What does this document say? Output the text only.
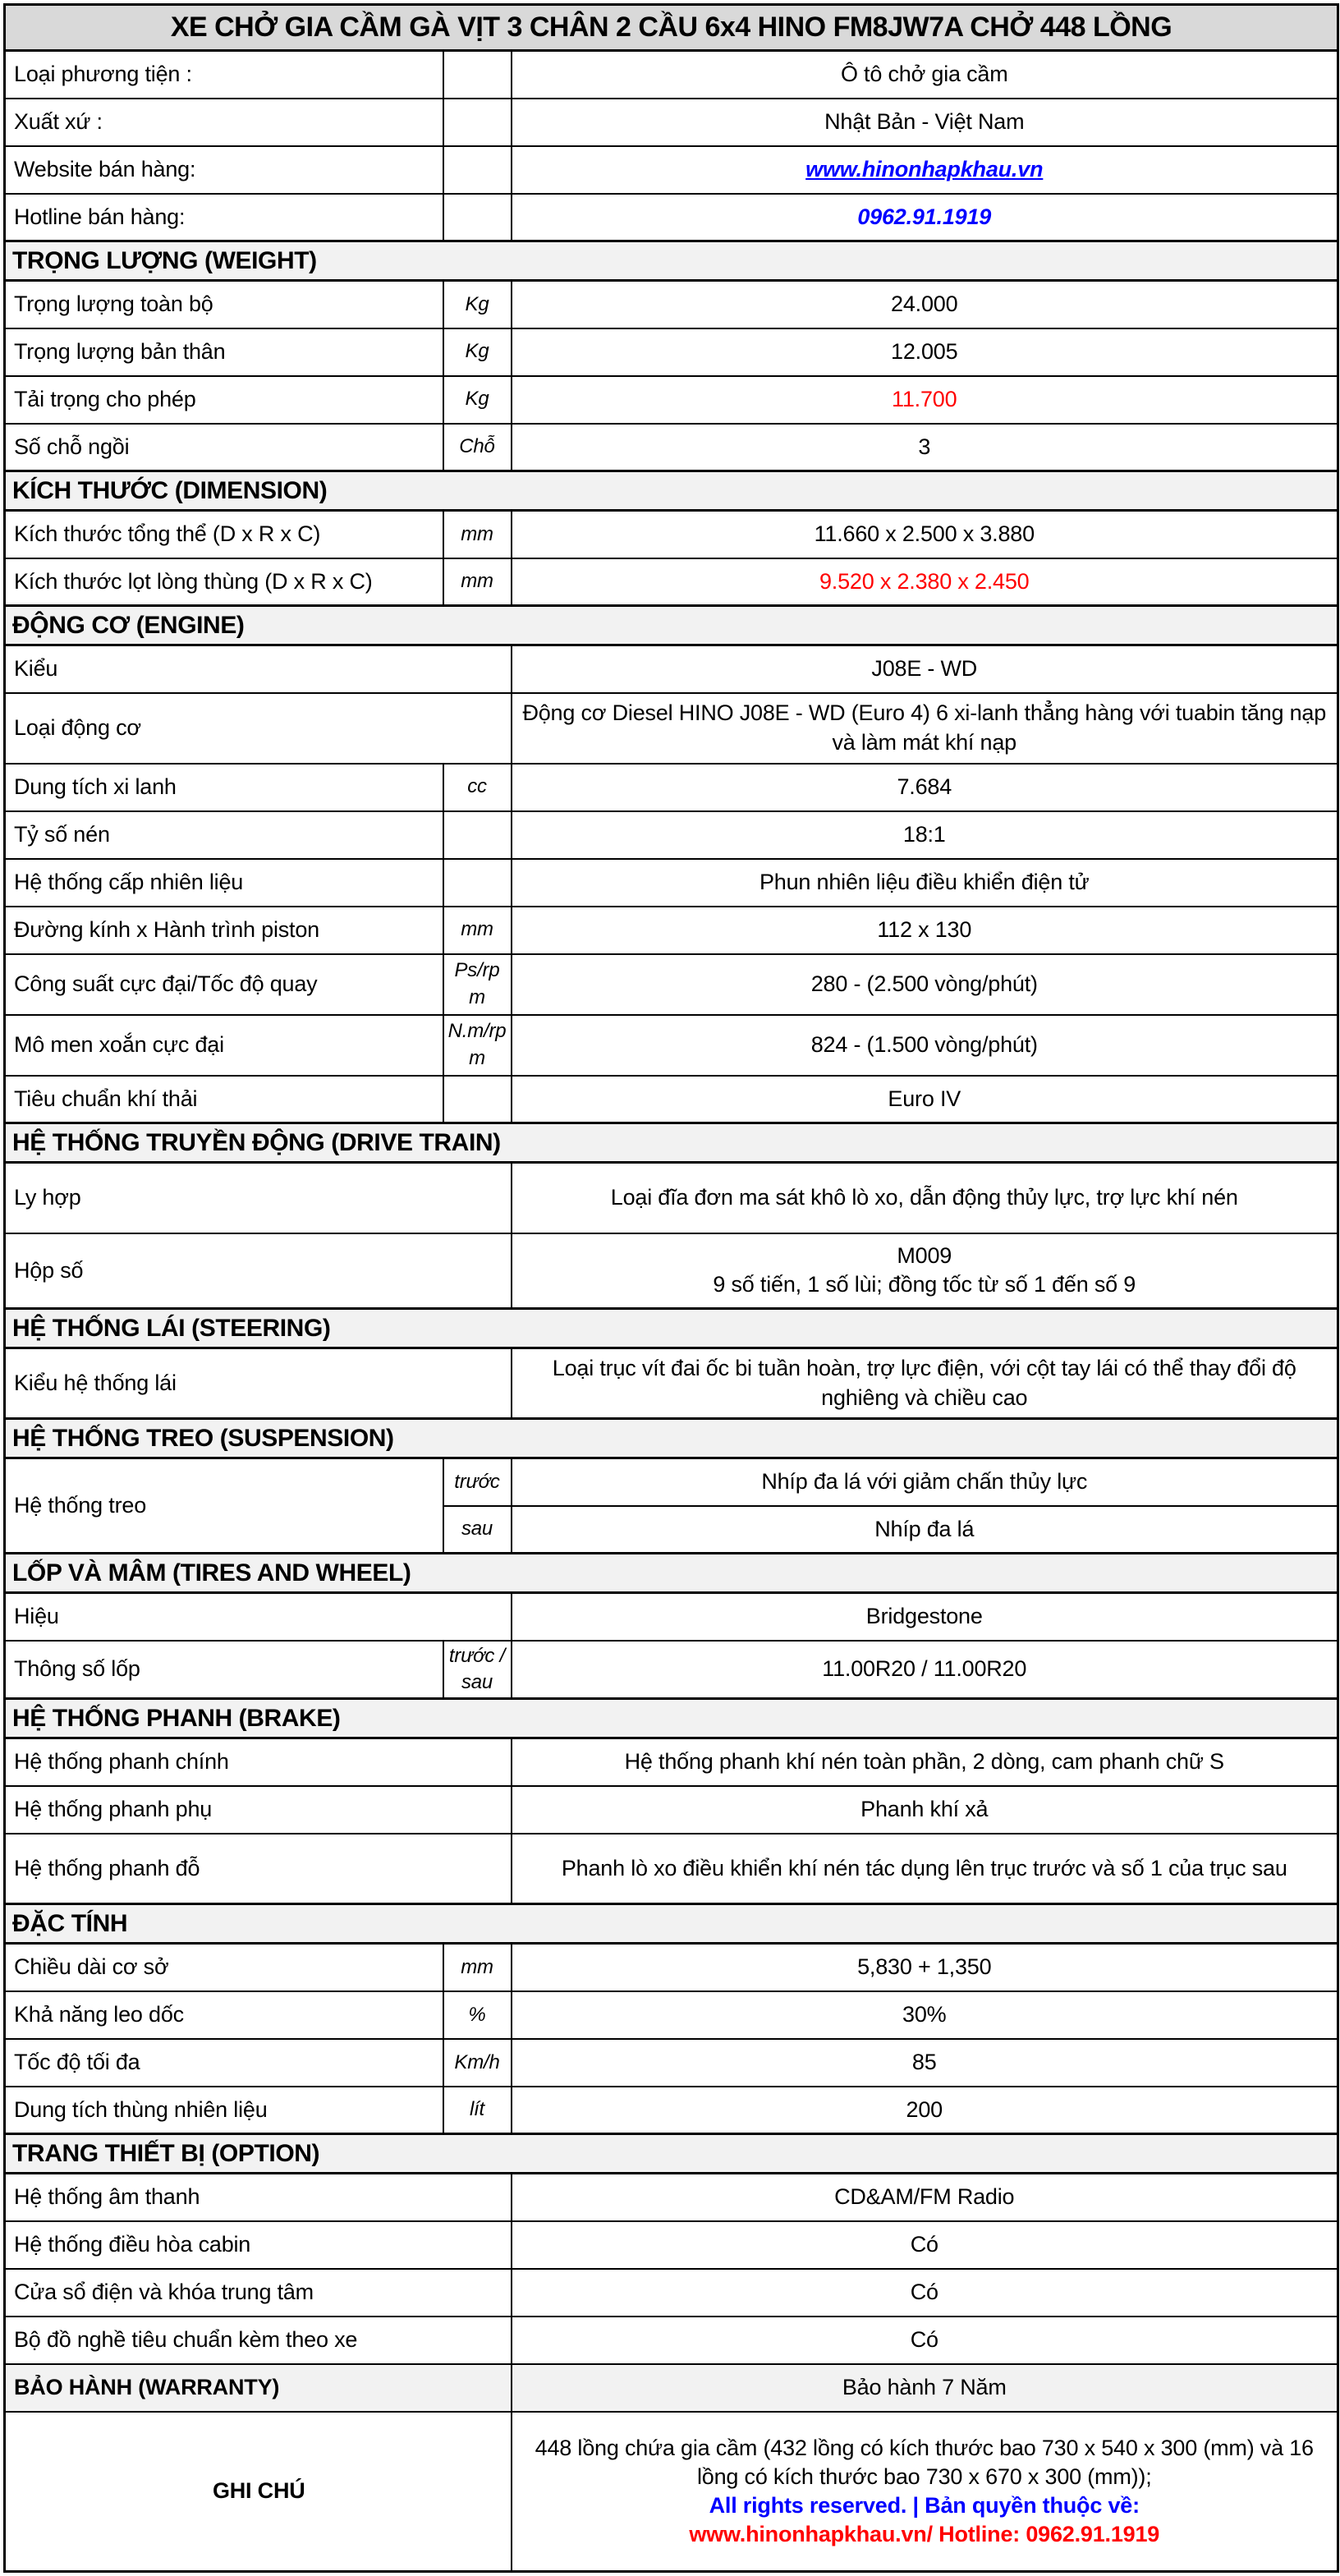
XE CHỞ GIA CẦM GÀ VỊT 3 CHÂN 2 CẦU 6x4 HINO FM8JW7A CHỞ 448 LỒNG		
Loại phương tiện :		Ô tô chở gia cầm
Xuất xứ :		Nhật Bản - Việt Nam
Website bán hàng:		www.hinonhapkhau.vn
Hotline bán hàng:		0962.91.1919
TRỌNG LƯỢNG (WEIGHT)		
Trọng lượng toàn bộ	Kg	24.000
Trọng lượng bản thân	Kg	12.005
Tải trọng cho phép	Kg	11.700
Số chỗ ngồi	Chỗ	3
KÍCH THƯỚC (DIMENSION)		
Kích thước tổng thể (D x R x C)	mm	11.660 x 2.500 x 3.880
Kích thước lọt lòng thùng (D x R x C)	mm	9.520 x 2.380 x 2.450
ĐỘNG CƠ (ENGINE)		
Kiểu		J08E - WD
Loại động cơ		Động cơ Diesel HINO J08E - WD (Euro 4) 6 xi-lanh thẳng hàng với tuabin tăng nạp và làm mát khí nạp
Dung tích xi lanh	cc	7.684
Tỷ số nén		18:1
Hệ thống cấp nhiên liệu		Phun nhiên liệu điều khiển điện tử
Đường kính x Hành trình piston	mm	112 x 130
Công suất cực đại/Tốc độ quay	Ps/rpm	280 - (2.500 vòng/phút)
Mô men xoắn cực đại	N.m/rpm	824 - (1.500 vòng/phút)
Tiêu chuẩn khí thải		Euro IV
HỆ THỐNG TRUYỀN ĐỘNG (DRIVE TRAIN)		
Ly hợp		Loại đĩa đơn ma sát khô lò xo, dẫn động thủy lực, trợ lực khí nén
Hộp số		M009
9 số tiến, 1 số lùi; đồng tốc từ số 1 đến số 9

HỆ THỐNG LÁI (STEERING)		
Kiểu hệ thống lái		Loại trục vít đai ốc bi tuần hoàn, trợ lực điện, với cột tay lái có thể thay đổi độ nghiêng và chiều cao
HỆ THỐNG TREO (SUSPENSION)		
Hệ thống treo	trước	Nhíp đa lá với giảm chấn thủy lực
	sau	Nhíp đa lá
LỐP VÀ MÂM (TIRES AND WHEEL)		
Hiệu		Bridgestone
Thông số lốp	trước /sau	11.00R20 / 11.00R20
HỆ THỐNG PHANH (BRAKE)		
Hệ thống phanh chính		Hệ thống phanh khí nén toàn phần, 2 dòng, cam phanh chữ S
Hệ thống phanh phụ		Phanh khí xả
Hệ thống phanh đỗ		Phanh lò xo điều khiển khí nén tác dụng lên trục trước và số 1 của trục sau
ĐẶC TÍNH		
Chiều dài cơ sở	mm	5,830 + 1,350
Khả năng leo dốc	%	30%
Tốc độ tối đa	Km/h	85
Dung tích thùng nhiên liệu	lít	200
TRANG THIẾT BỊ (OPTION)		
Hệ thống âm thanh		CD&AM/FM Radio
Hệ thống điều hòa cabin		Có
Cửa sổ điện và khóa trung tâm		Có
Bộ đồ nghề tiêu chuẩn kèm theo xe		Có
BẢO HÀNH (WARRANTY)		Bảo hành 7 Năm
GHI CHÚ		448 lồng chứa gia cầm (432 lồng có kích thước bao 730 x 540 x 300 (mm) và 16 lồng có kích thước bao 730 x 670 x 300 (mm));
All rights reserved. | Bản quyền thuộc về:
www.hinonhapkhau.vn/ Hotline: 0962.91.1919
